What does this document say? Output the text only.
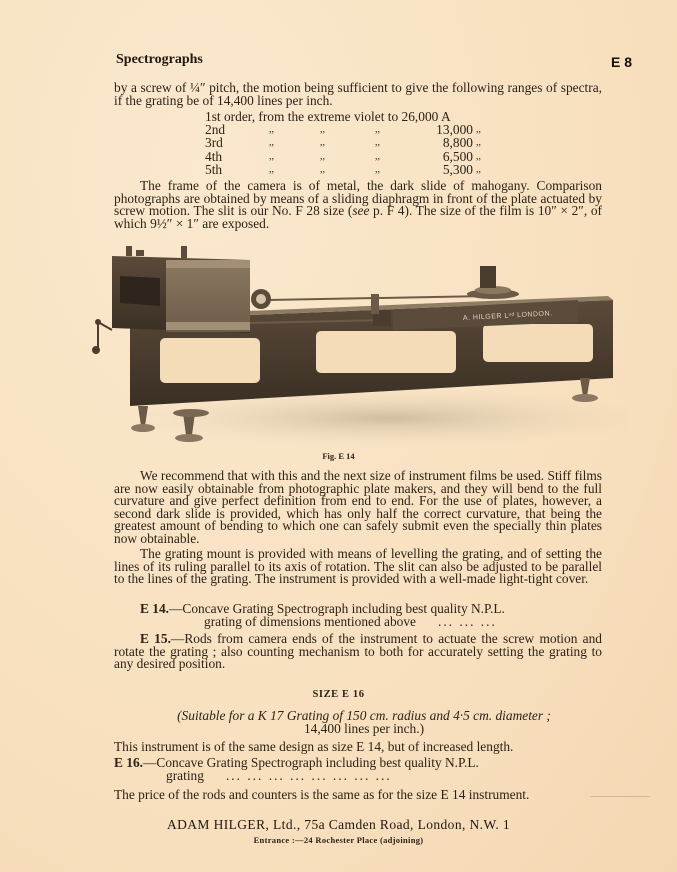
Spectrographs	E 8

by a screw of ¼″ pitch, the motion being sufficient to give the following ranges of spectra, if the grating be of 14,400 lines per inch.

1st order, from the extreme violet to 26,000 A
2nd	,,	,,	,,	13,000 ,,
3rd	,,	,,	,,	8,800 ,,
4th	,,	,,	,,	6,500 ,,
5th	,,	,,	,,	5,300 ,,

The frame of the camera is of metal, the dark slide of mahogany. Comparison photographs are obtained by means of a sliding diaphragm in front of the plate actuated by screw motion. The slit is our No. F 28 size (see p. F 4). The size of the film is 10″ × 2″, of which 9½″ × 1″ are exposed.

A. HILGER Lᵛᵈ LONDON.
Fig. E 14

We recommend that with this and the next size of instrument films be used. Stiff films are now easily obtainable from photographic plate makers, and they will bend to the full curvature and give perfect definition from end to end. For the use of plates, however, a second dark slide is provided, which has only half the correct curvature, that being the greatest amount of bending to which one can safely submit even the specially thin plates now obtainable.

The grating mount is provided with means of levelling the grating, and of setting the lines of its ruling parallel to its axis of rotation. The slit can also be adjusted to be parallel to the lines of the grating. The instrument is provided with a well-made light-tight cover.

E 14.—Concave Grating Spectrograph including best quality N.P.L.

grating of dimensions mentioned above ... ... ...

E 15.—Rods from camera ends of the instrument to actuate the screw motion and rotate the grating ; also counting mechanism to both for accurately setting the grating to any desired position.

SIZE E 16
(Suitable for a K 17 Grating of 150 cm. radius and 4·5 cm. diameter ;
14,400 lines per inch.)

This instrument is of the same design as size E 14, but of increased length.

E 16.—Concave Grating Spectrograph including best quality N.P.L.

grating ... ... ... ... ... ... ... ...

The price of the rods and counters is the same as for the size E 14 instrument.

ADAM HILGER, Ltd., 75a Camden Road, London, N.W. 1
Entrance :—24 Rochester Place (adjoining)
